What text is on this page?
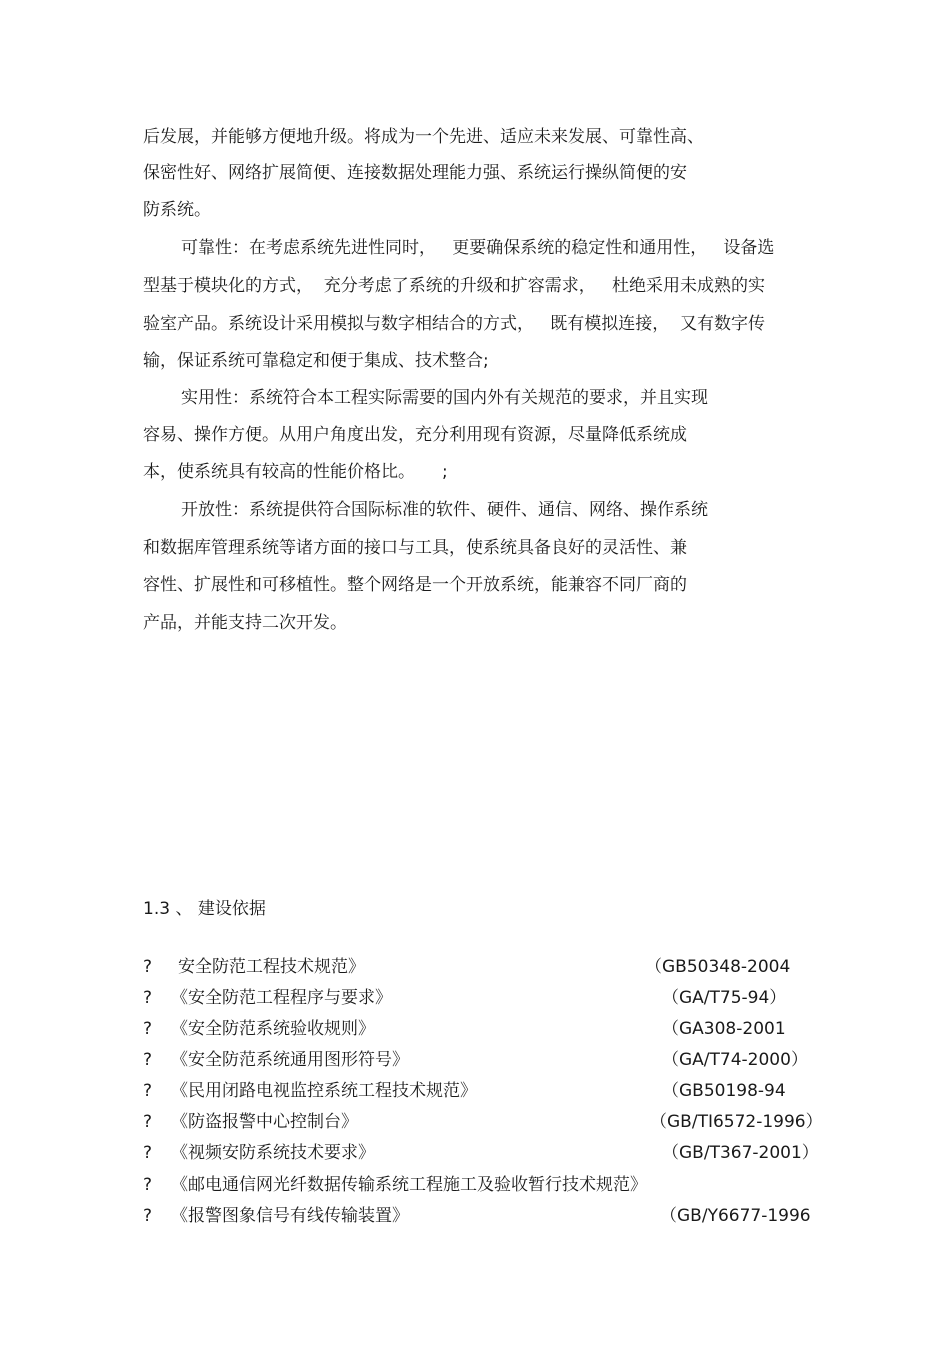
后发展，并能够方便地升级。将成为一个先进、适应未来发展、可靠性高、
保密性好、网络扩展简便、连接数据处理能力强、系统运行操纵简便的安
防系统。
可靠性：在考虑系统先进性同时，   更要确保系统的稳定性和通用性，   设备选
型基于模块化的方式，  充分考虑了系统的升级和扩容需求，   杜绝采用未成熟的实
验室产品。系统设计采用模拟与数字相结合的方式，   既有模拟连接，  又有数字传
输，保证系统可靠稳定和便于集成、技术整合;
实用性：系统符合本工程实际需要的国内外有关规范的要求，并且实现
容易、操作方便。从用户角度出发，充分利用现有资源，尽量降低系统成
本，使系统具有较高的性能价格比。     ;
开放性：系统提供符合国际标准的软件、硬件、通信、网络、操作系统
和数据库管理系统等诸方面的接口与工具，使系统具备良好的灵活性、兼
容性、扩展性和可移植性。整个网络是一个开放系统，能兼容不同厂商的
产品，并能支持二次开发。
1.3 、 建设依据
? 安全防范工程技术规范》	（GB50348-2004
? 《安全防范工程程序与要求》	（GA/T75-94）
? 《安全防范系统验收规则》	（GA308-2001
? 《安全防范系统通用图形符号》	（GA/T74-2000）
? 《民用闭路电视监控系统工程技术规范》	（GB50198-94
? 《防盗报警中心控制台》	（GB/TI6572-1996）
? 《视频安防系统技术要求》	（GB/T367-2001）
? 《邮电通信网光纤数据传输系统工程施工及验收暂行技术规范》
? 《报警图象信号有线传输装置》	（GB/Y6677-1996
